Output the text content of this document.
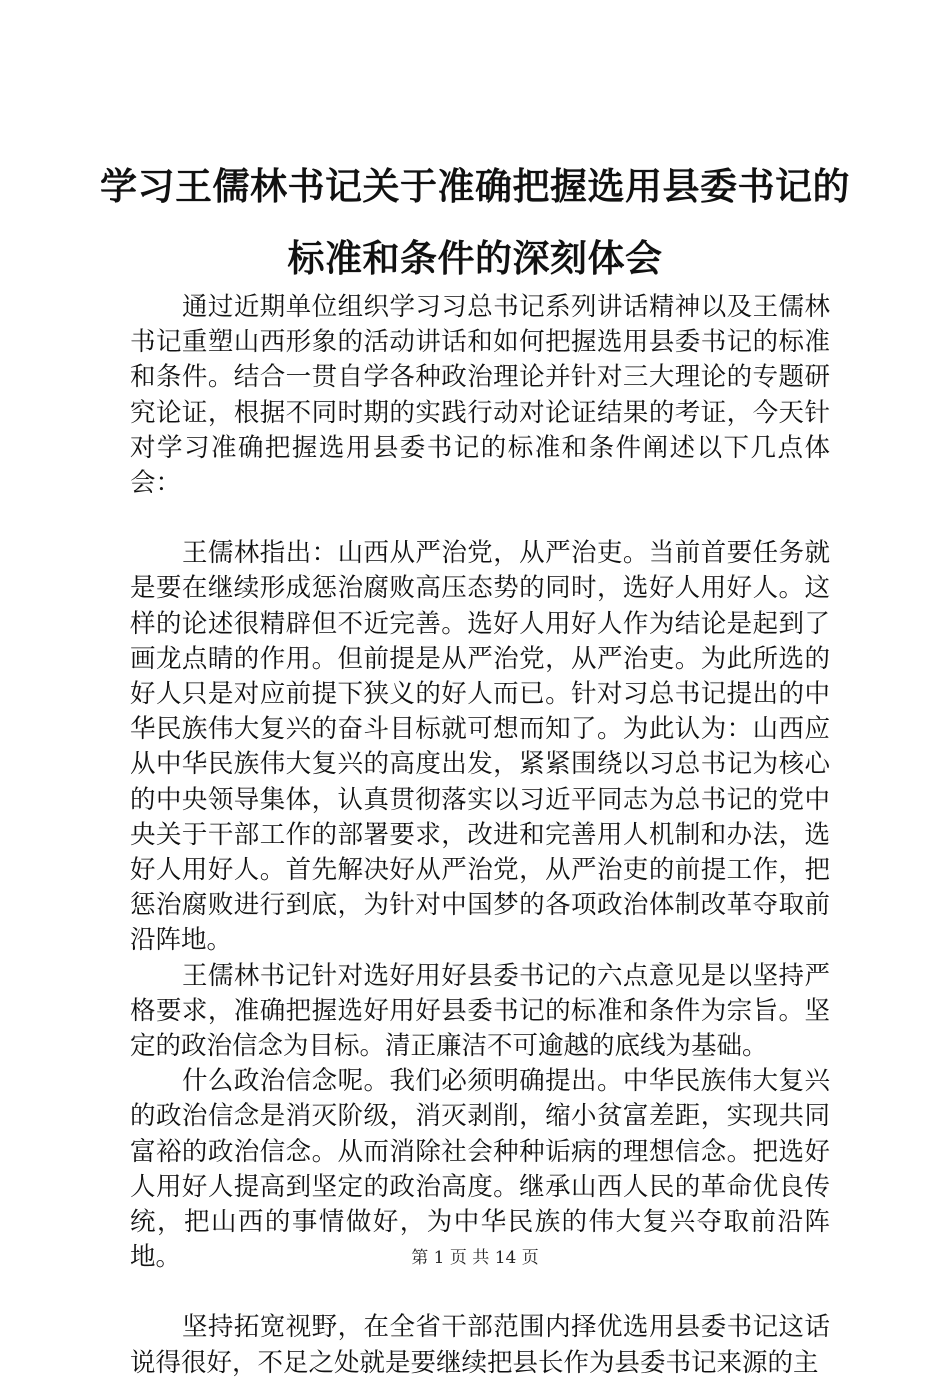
学习王儒林书记关于准确把握选用县委书记的
标准和条件的深刻体会

通过近期单位组织学习习总书记系列讲话精神以及王儒林书记重塑山西形象的活动讲话和如何把握选用县委书记的标准和条件。结合一贯自学各种政治理论并针对三大理论的专题研究论证，根据不同时期的实践行动对论证结果的考证，今天针对学习准确把握选用县委书记的标准和条件阐述以下几点体会：

王儒林指出：山西从严治党，从严治吏。当前首要任务就是要在继续形成惩治腐败高压态势的同时，选好人用好人。这样的论述很精辟但不近完善。选好人用好人作为结论是起到了画龙点睛的作用。但前提是从严治党，从严治吏。为此所选的好人只是对应前提下狭义的好人而已。针对习总书记提出的中华民族伟大复兴的奋斗目标就可想而知了。为此认为：山西应从中华民族伟大复兴的高度出发，紧紧围绕以习总书记为核心的中央领导集体，认真贯彻落实以习近平同志为总书记的党中央关于干部工作的部署要求，改进和完善用人机制和办法，选好人用好人。首先解决好从严治党，从严治吏的前提工作，把惩治腐败进行到底，为针对中国梦的各项政治体制改革夺取前沿阵地。

王儒林书记针对选好用好县委书记的六点意见是以坚持严格要求，准确把握选好用好县委书记的标准和条件为宗旨。坚定的政治信念为目标。清正廉洁不可逾越的底线为基础。

什么政治信念呢。我们必须明确提出。中华民族伟大复兴的政治信念是消灭阶级，消灭剥削，缩小贫富差距，实现共同富裕的政治信念。从而消除社会种种诟病的理想信念。把选好人用好人提高到坚定的政治高度。继承山西人民的革命优良传统，把山西的事情做好，为中华民族的伟大复兴夺取前沿阵地。

坚持拓宽视野，在全省干部范围内择优选用县委书记这话说得很好，不足之处就是要继续把县长作为县委书记来源的主

第 1 页 共 14 页
